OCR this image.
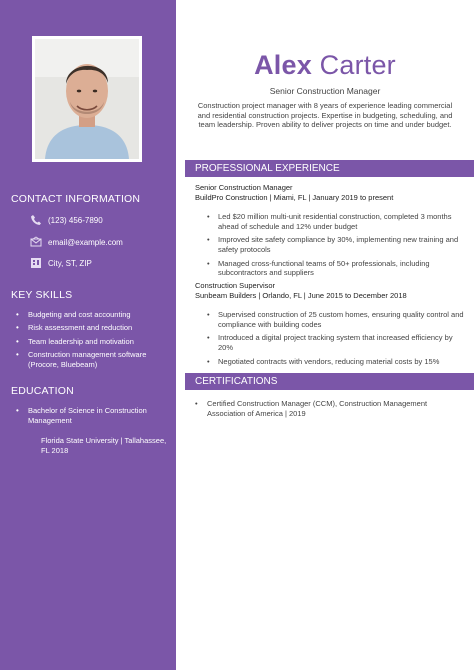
CONTACT INFORMATION
(123) 456-7890
email@example.com
City, ST, ZIP
KEY SKILLS
• Budgeting and cost accounting
• Risk assessment and reduction
• Team leadership and motivation
• Construction management software (Procore, Bluebeam)
EDUCATION
• Bachelor of Science in Construction Management
Florida State University | Tallahassee, FL 2018
Alex Carter
Senior Construction Manager
Construction project manager with 8 years of experience leading commercial and residential construction projects. Expertise in budgeting, scheduling, and team leadership. Proven ability to deliver projects on time and under budget.
PROFESSIONAL EXPERIENCE
Senior Construction Manager
BuildPro Construction | Miami, FL | January 2019 to present
• Led $20 million multi-unit residential construction, completed 3 months ahead of schedule and 12% under budget
• Improved site safety compliance by 30%, implementing new training and safety protocols
• Managed cross-functional teams of 50+ professionals, including subcontractors and suppliers
Construction Supervisor
Sunbeam Builders | Orlando, FL | June 2015 to December 2018
• Supervised construction of 25 custom homes, ensuring quality control and compliance with building codes
• Introduced a digital project tracking system that increased efficiency by 20%
• Negotiated contracts with vendors, reducing material costs by 15%
CERTIFICATIONS
• Certified Construction Manager (CCM), Construction Management Association of America | 2019
